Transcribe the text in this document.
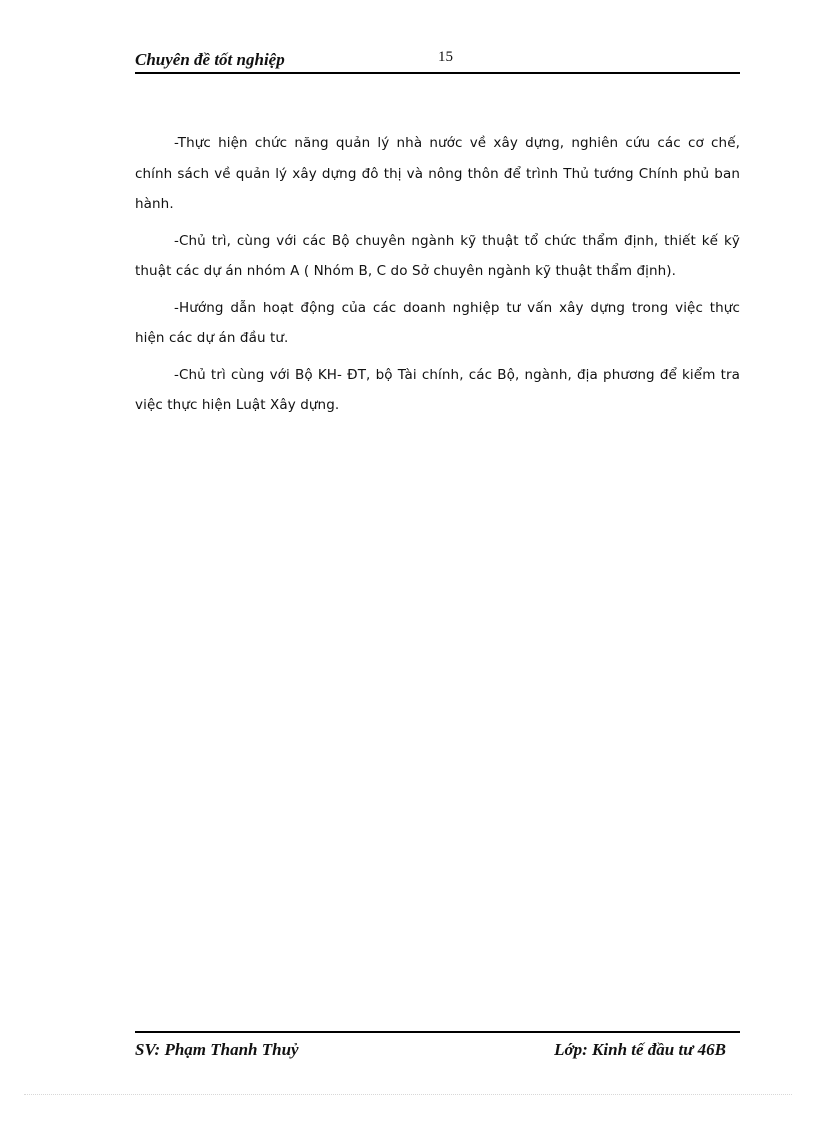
Chuyên đề tốt nghiệp	15

-Thực hiện chức năng quản lý nhà nước về xây dựng, nghiên cứu các cơ chế, chính sách về quản lý xây dựng đô thị và nông thôn để trình Thủ tướng Chính phủ ban hành.

-Chủ trì, cùng với các Bộ chuyên ngành kỹ thuật tổ chức thẩm định, thiết kế kỹ thuật các dự án nhóm A ( Nhóm B, C do Sở chuyên ngành kỹ thuật thẩm định).

-Hướng dẫn hoạt động của các doanh nghiệp tư vấn xây dựng trong việc thực hiện các dự án đầu tư.

-Chủ trì cùng với Bộ KH- ĐT, bộ Tài chính, các Bộ, ngành, địa phương để kiểm tra việc thực hiện Luật Xây dựng.

SV: Phạm Thanh Thuỷ	Lớp: Kinh tế đầu tư 46B
